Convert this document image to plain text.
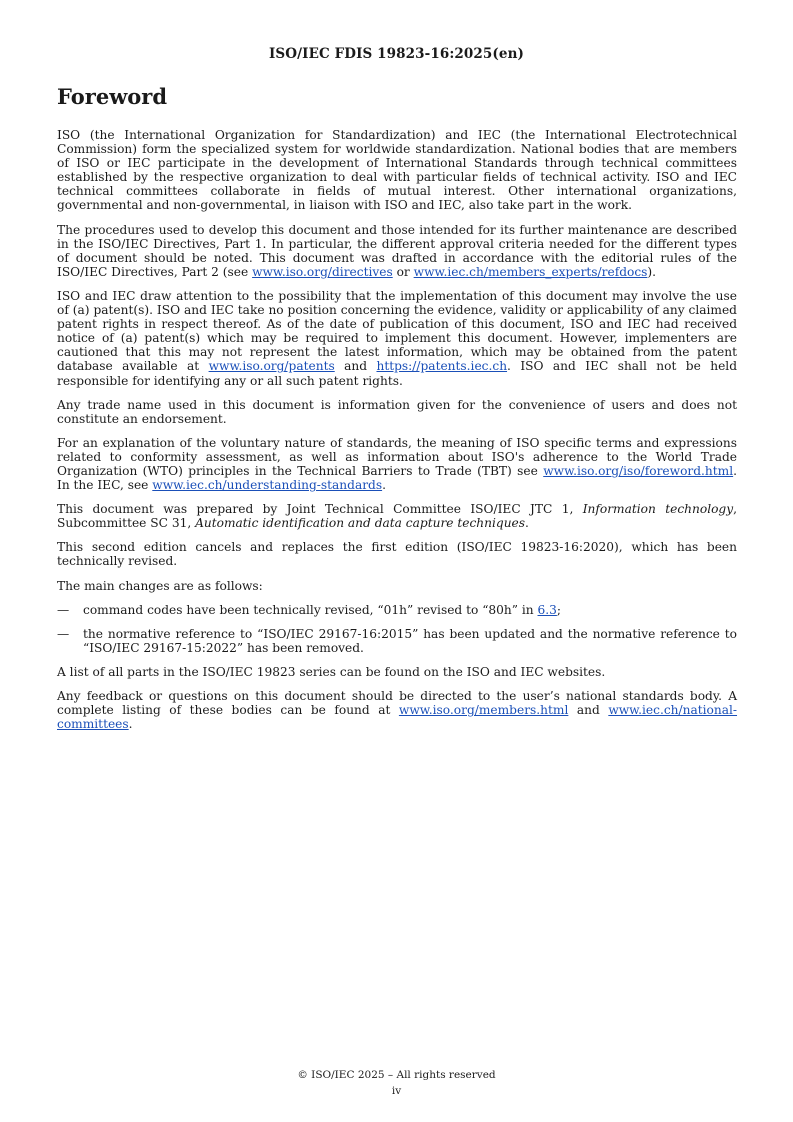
ISO/IEC FDIS 19823-16:2025(en)
Foreword

ISO (the International Organization for Standardization) and IEC (the International Electrotechnical Commission) form the specialized system for worldwide standardization. National bodies that are members of ISO or IEC participate in the development of International Standards through technical committees established by the respective organization to deal with particular fields of technical activity. ISO and IEC technical committees collaborate in fields of mutual interest. Other international organizations, governmental and non-governmental, in liaison with ISO and IEC, also take part in the work.

The procedures used to develop this document and those intended for its further maintenance are described in the ISO/IEC Directives, Part 1. In particular, the different approval criteria needed for the different types of document should be noted. This document was drafted in accordance with the editorial rules of the ISO/IEC Directives, Part 2 (see www.iso.org/directives or www.iec.ch/members_experts/refdocs).

ISO and IEC draw attention to the possibility that the implementation of this document may involve the use of (a) patent(s). ISO and IEC take no position concerning the evidence, validity or applicability of any claimed patent rights in respect thereof. As of the date of publication of this document, ISO and IEC had received notice of (a) patent(s) which may be required to implement this document. However, implementers are cautioned that this may not represent the latest information, which may be obtained from the patent database available at www.iso.org/patents and https://patents.iec.ch. ISO and IEC shall not be held responsible for identifying any or all such patent rights.

Any trade name used in this document is information given for the convenience of users and does not constitute an endorsement.

For an explanation of the voluntary nature of standards, the meaning of ISO specific terms and expressions related to conformity assessment, as well as information about ISO's adherence to the World Trade Organization (WTO) principles in the Technical Barriers to Trade (TBT) see www.iso.org/iso/foreword.html. In the IEC, see www.iec.ch/understanding-standards.

This document was prepared by Joint Technical Committee ISO/IEC JTC 1, Information technology, Subcommittee SC 31, Automatic identification and data capture techniques.

This second edition cancels and replaces the first edition (ISO/IEC 19823-16:2020), which has been technically revised.

The main changes are as follows:

— command codes have been technically revised, “01h” revised to “80h” in 6.3;
— the normative reference to “ISO/IEC 29167-16:2015” has been updated and the normative reference to “ISO/IEC 29167-15:2022” has been removed.

A list of all parts in the ISO/IEC 19823 series can be found on the ISO and IEC websites.

Any feedback or questions on this document should be directed to the user’s national standards body. A complete listing of these bodies can be found at www.iso.org/members.html and www.iec.ch/national-committees.

© ISO/IEC 2025 – All rights reserved
iv
